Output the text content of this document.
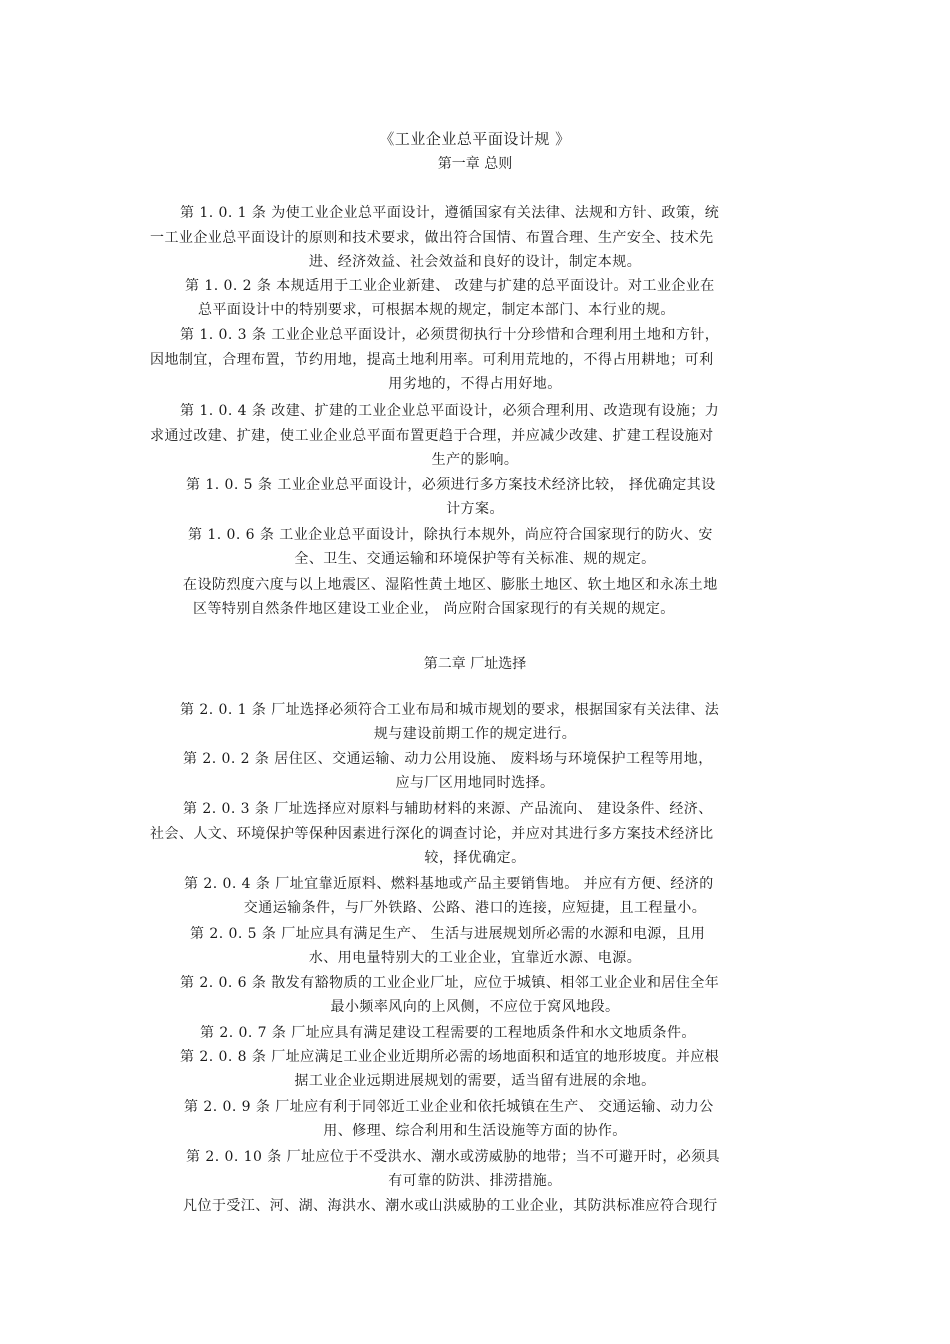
《工业企业总平面设计规 》
第一章 总则
第 1. 0. 1 条 为使工业企业总平面设计，遵循国家有关法律、法规和方针、政策，统
一工业企业总平面设计的原则和技术要求，做出符合国情、布置合理、生产安全、技术先
进、经济效益、社会效益和良好的设计，制定本规。
第 1. 0. 2 条 本规适用于工业企业新建、 改建与扩建的总平面设计。对工业企业在
总平面设计中的特别要求，可根据本规的规定，制定本部门、本行业的规。
第 1. 0. 3 条 工业企业总平面设计，必须贯彻执行十分珍惜和合理利用土地和方针，
因地制宜，合理布置，节约用地，提高土地利用率。可利用荒地的，不得占用耕地；可利
用劣地的，不得占用好地。
第 1. 0. 4 条 改建、扩建的工业企业总平面设计，必须合理利用、改造现有设施；力
求通过改建、扩建，使工业企业总平面布置更趋于合理，并应减少改建、扩建工程设施对
生产的影响。
第 1. 0. 5 条 工业企业总平面设计，必须进行多方案技术经济比较， 择优确定其设
计方案。
第 1. 0. 6 条 工业企业总平面设计，除执行本规外，尚应符合国家现行的防火、安
全、卫生、交通运输和环境保护等有关标准、规的规定。
在设防烈度六度与以上地震区、湿陷性黄土地区、膨胀土地区、软土地区和永冻土地
区等特别自然条件地区建设工业企业， 尚应附合国家现行的有关规的规定。
第二章 厂址选择
第 2. 0. 1 条 厂址选择必须符合工业布局和城市规划的要求，根据国家有关法律、法
规与建设前期工作的规定进行。
第 2. 0. 2 条 居住区、交通运输、动力公用设施、 废料场与环境保护工程等用地，
应与厂区用地同时选择。
第 2. 0. 3 条 厂址选择应对原料与辅助材料的来源、产品流向、 建设条件、经济、
社会、人文、环境保护等保种因素进行深化的调查讨论，并应对其进行多方案技术经济比
较，择优确定。
第 2. 0. 4 条 厂址宜靠近原料、燃料基地或产品主要销售地。 并应有方便、经济的
交通运输条件，与厂外铁路、公路、港口的连接，应短捷，且工程量小。
第 2. 0. 5 条 厂址应具有满足生产、 生活与进展规划所必需的水源和电源，且用
水、用电量特别大的工业企业，宜靠近水源、电源。
第 2. 0. 6 条 散发有豁物质的工业企业厂址，应位于城镇、相邻工业企业和居住全年
最小频率风向的上风侧，不应位于窝风地段。
第 2. 0. 7 条 厂址应具有满足建设工程需要的工程地质条件和水文地质条件。
第 2. 0. 8 条 厂址应满足工业企业近期所必需的场地面积和适宜的地形坡度。并应根
据工业企业远期进展规划的需要，适当留有进展的余地。
第 2. 0. 9 条 厂址应有利于同邻近工业企业和依托城镇在生产、 交通运输、动力公
用、修理、综合利用和生活设施等方面的协作。
第 2. 0. 10 条 厂址应位于不受洪水、潮水或涝威胁的地带；当不可避开时，必须具
有可靠的防洪、排涝措施。
凡位于受江、河、湖、海洪水、潮水或山洪威胁的工业企业，其防洪标准应符合现行
